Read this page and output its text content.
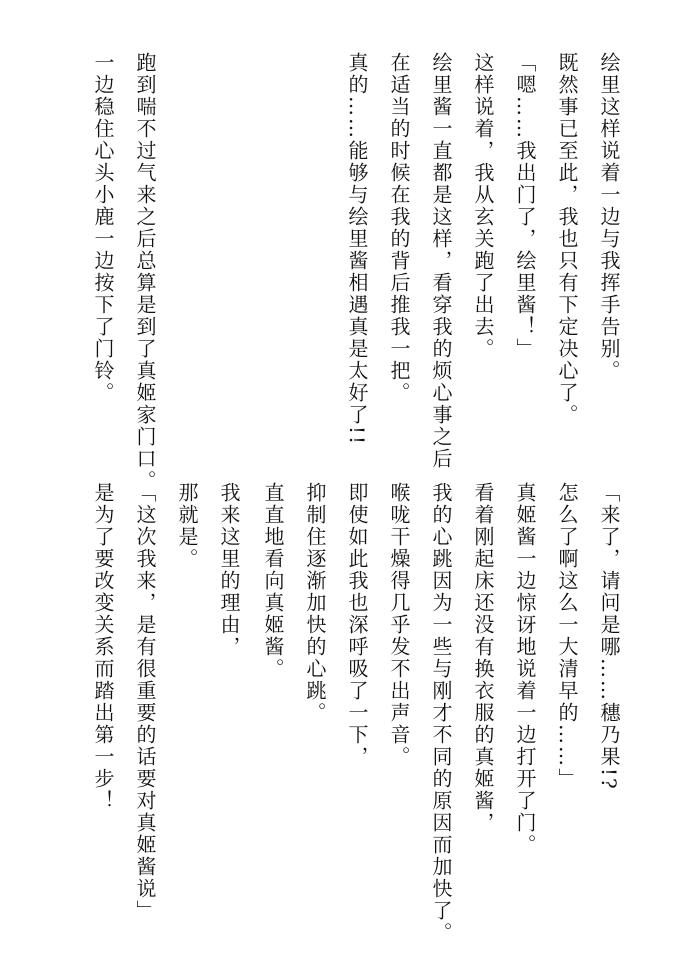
绘里这样说着一边与我挥手告别。
既然事已至此，我也只有下定决心了。
「嗯……我出门了，绘里酱！」
这样说着，我从玄关跑了出去。
绘里酱一直都是这样，看穿我的烦心事之后
在适当的时候在我的背后推我一把。
真的……能够与绘里酱相遇真是太好了!!
跑到喘不过气来之后总算是到了真姬家门口。
一边稳住心头小鹿一边按下了门铃。
「来了，请问是哪……穗乃果!?
怎么了啊这么一大清早的……」
真姬酱一边惊讶地说着一边打开了门。
看着刚起床还没有换衣服的真姬酱，
我的心跳因为一些与刚才不同的原因而加快了。
喉咙干燥得几乎发不出声音。
即使如此我也深呼吸了一下，
抑制住逐渐加快的心跳。
直直地看向真姬酱。
我来这里的理由，
那就是。
「这次我来，是有很重要的话要对真姬酱说」
是为了要改变关系而踏出第一步！
